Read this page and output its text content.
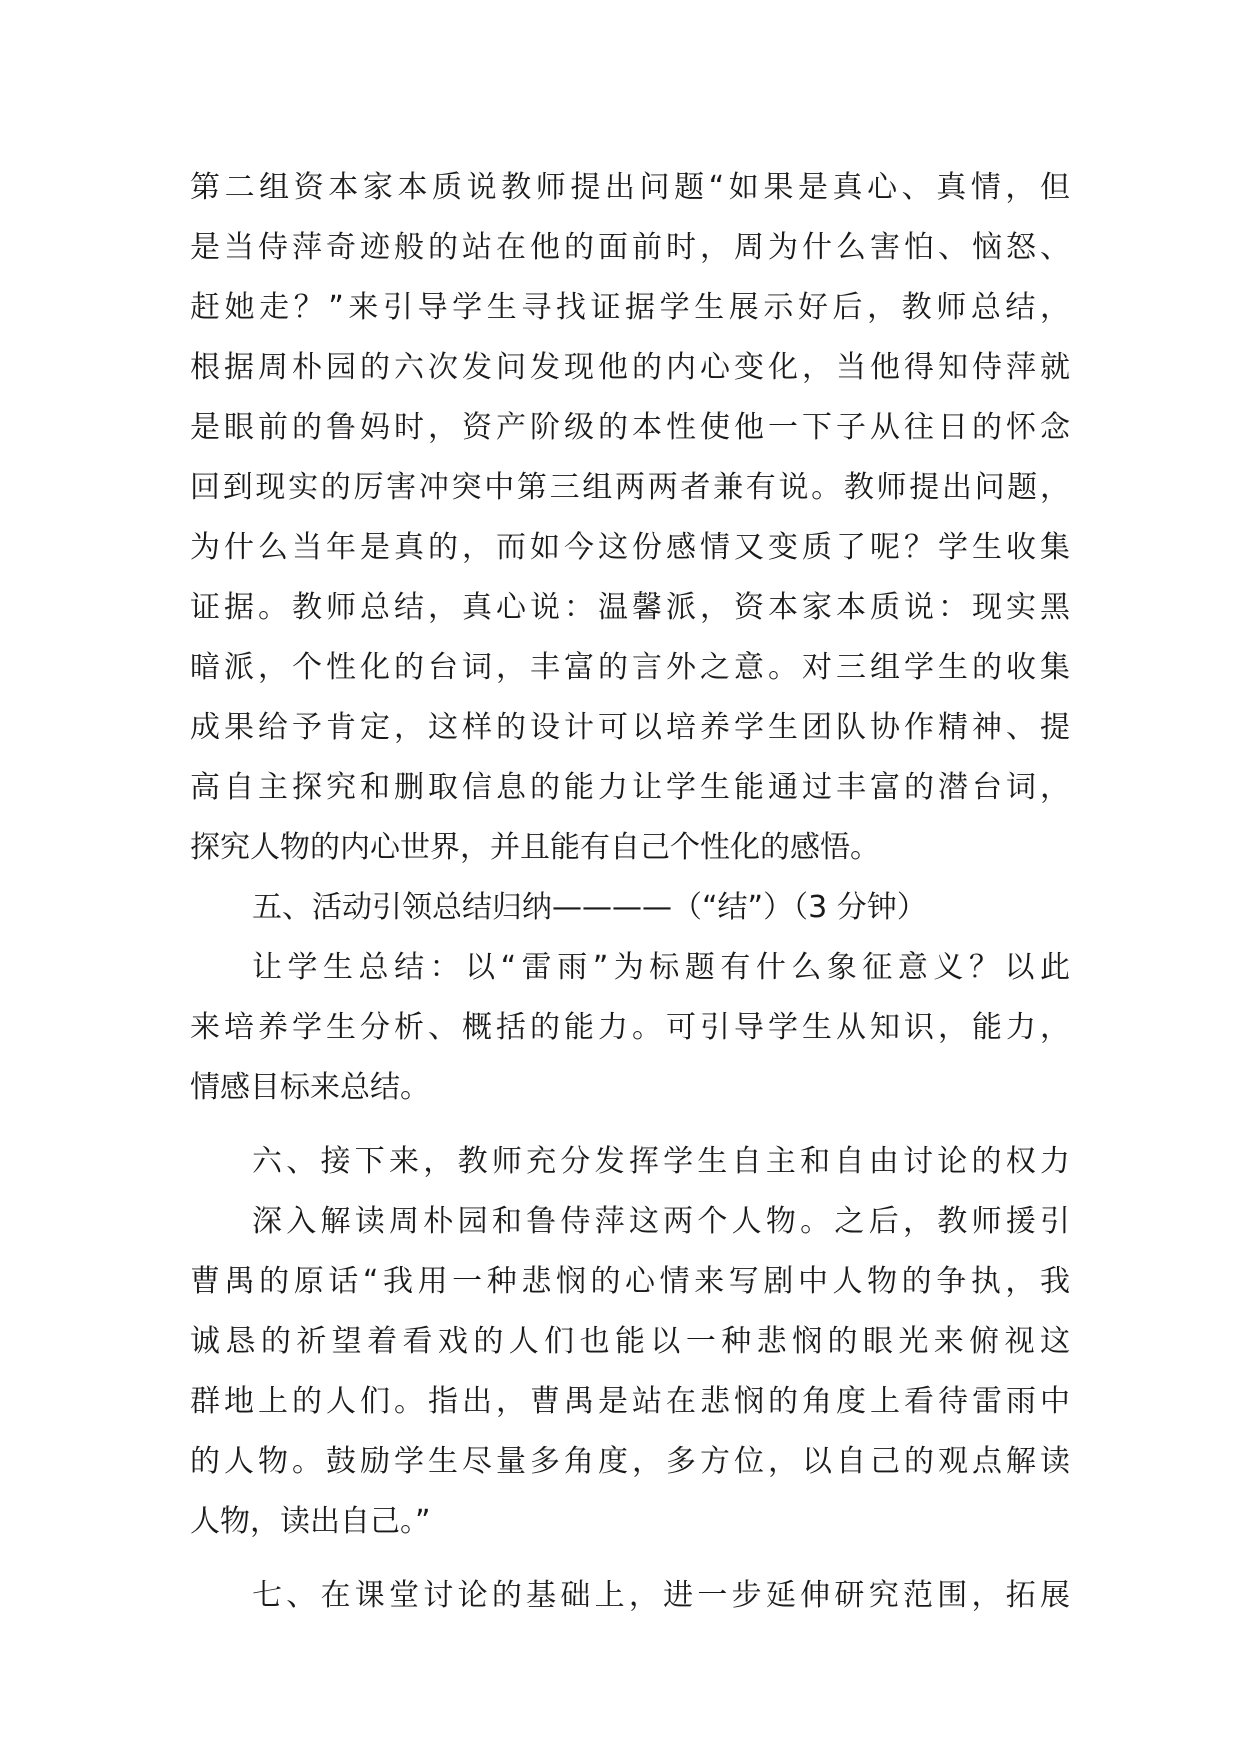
第二组资本家本质说教师提出问题“如果是真心、真情，但
是当侍萍奇迹般的站在他的面前时，周为什么害怕、恼怒、
赶她走？”来引导学生寻找证据学生展示好后，教师总结，
根据周朴园的六次发问发现他的内心变化，当他得知侍萍就
是眼前的鲁妈时，资产阶级的本性使他一下子从往日的怀念
回到现实的厉害冲突中第三组两两者兼有说。教师提出问题，
为什么当年是真的，而如今这份感情又变质了呢？学生收集
证据。教师总结，真心说：温馨派，资本家本质说：现实黑
暗派，个性化的台词，丰富的言外之意。对三组学生的收集
成果给予肯定，这样的设计可以培养学生团队协作精神、提
高自主探究和删取信息的能力让学生能通过丰富的潜台词，
探究人物的内心世界，并且能有自己个性化的感悟。
五、活动引领总结归纳————（“结”）（3 分钟）
让学生总结：以“雷雨”为标题有什么象征意义？以此
来培养学生分析、概括的能力。可引导学生从知识，能力，
情感目标来总结。
六、接下来，教师充分发挥学生自主和自由讨论的权力
深入解读周朴园和鲁侍萍这两个人物。之后，教师援引
曹禺的原话“我用一种悲悯的心情来写剧中人物的争执，我
诚恳的祈望着看戏的人们也能以一种悲悯的眼光来俯视这
群地上的人们。指出，曹禺是站在悲悯的角度上看待雷雨中
的人物。鼓励学生尽量多角度，多方位，以自己的观点解读
人物，读出自己。”
七、在课堂讨论的基础上，进一步延伸研究范围，拓展
